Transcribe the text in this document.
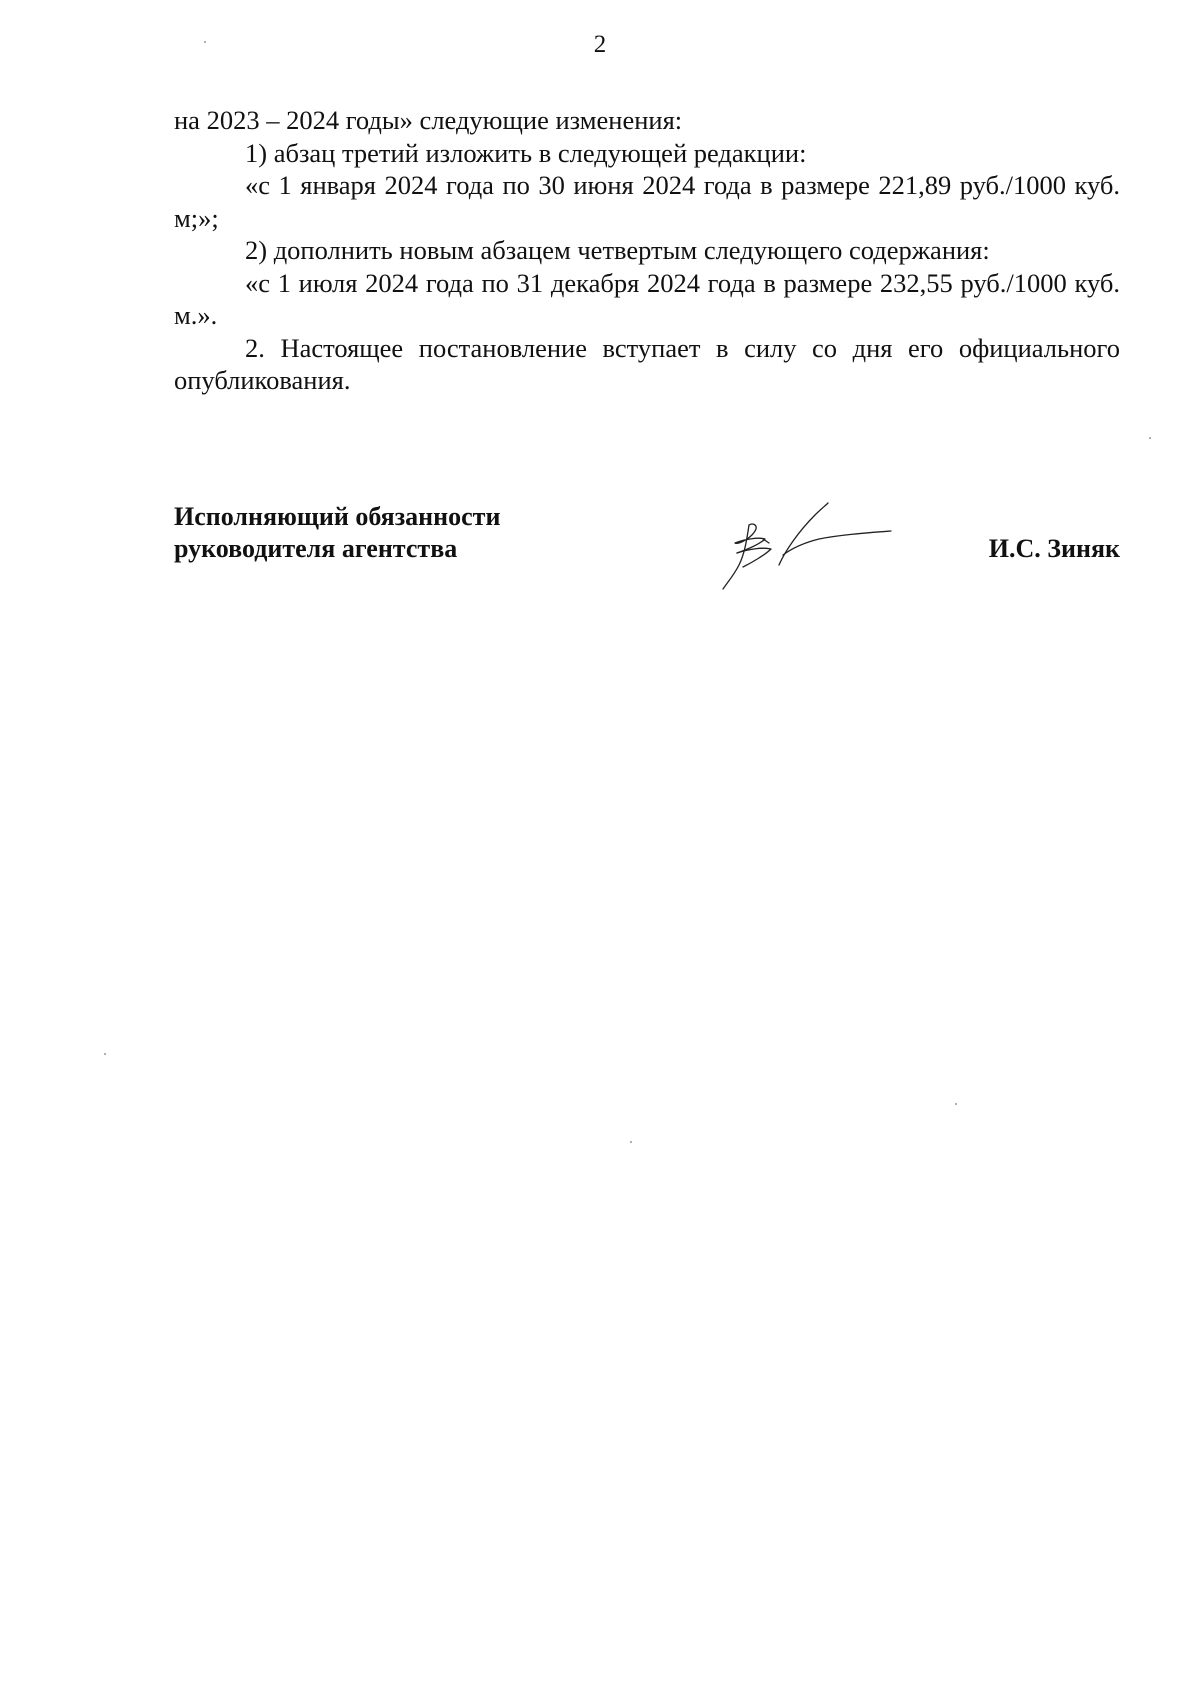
2

на 2023 – 2024 годы» следующие изменения:

1) абзац третий изложить в следующей редакции:

«с 1 января 2024 года по 30 июня 2024 года в размере 221,89 руб./1000 куб. м;»;

2) дополнить новым абзацем четвертым следующего содержания:

«с 1 июля 2024 года по 31 декабря 2024 года в размере 232,55 руб./1000 куб. м.».

2. Настоящее постановление вступает в силу со дня его официального опубликования.

Исполняющий обязанности
руководителя агентства	И.С. Зиняк
